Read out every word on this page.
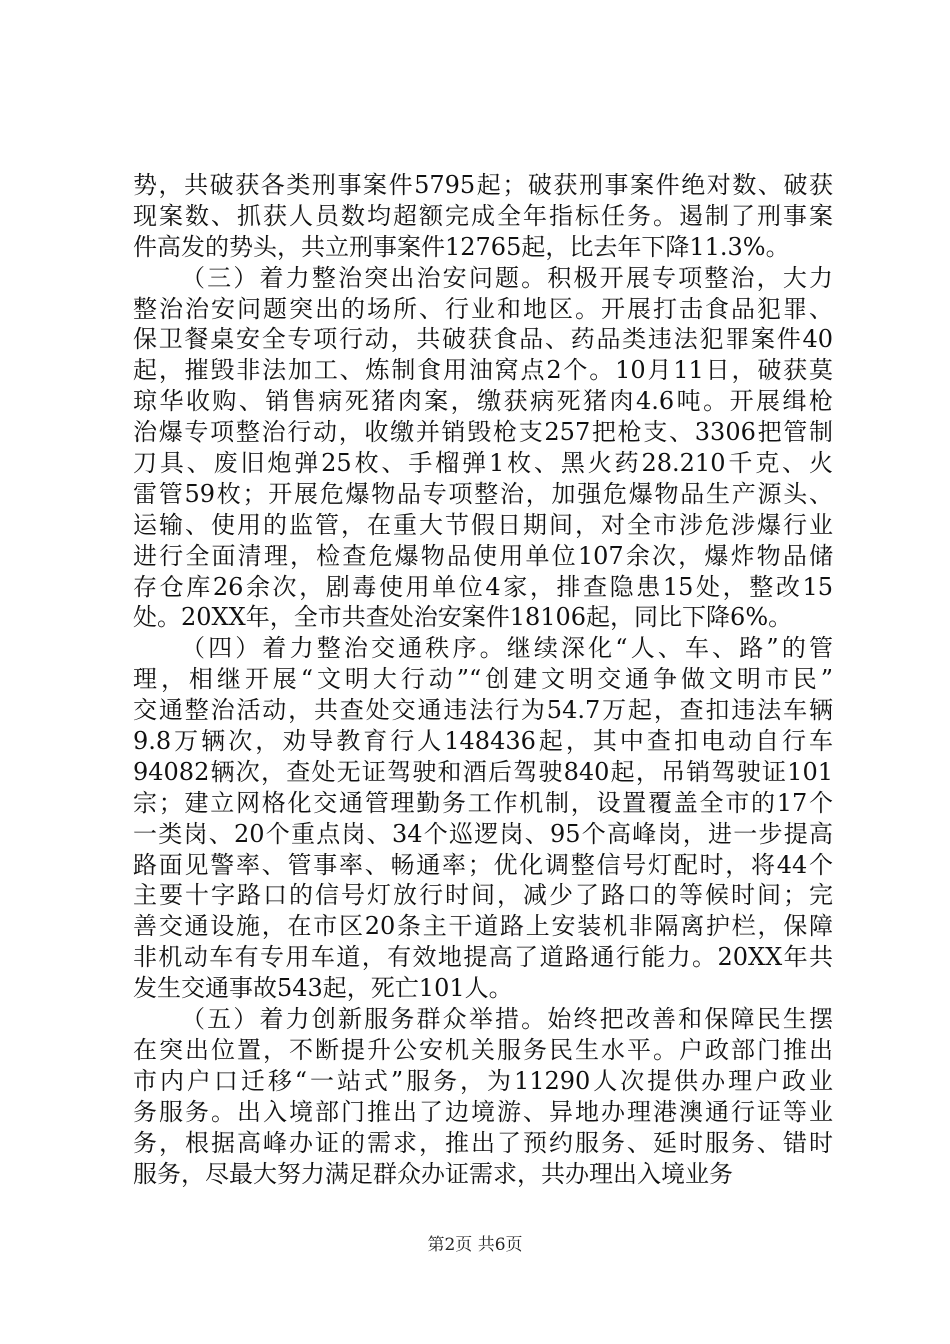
势，共破获各类刑事案件5795起；破获刑事案件绝对数、破获
现案数、抓获人员数均超额完成全年指标任务。遏制了刑事案
件高发的势头，共立刑事案件12765起，比去年下降11.3%。
（三）着力整治突出治安问题。积极开展专项整治，大力
整治治安问题突出的场所、行业和地区。开展打击食品犯罪、
保卫餐桌安全专项行动，共破获食品、药品类违法犯罪案件40
起，摧毁非法加工、炼制食用油窝点2个。10月11日，破获莫
琼华收购、销售病死猪肉案，缴获病死猪肉4.6吨。开展缉枪
治爆专项整治行动，收缴并销毁枪支257把枪支、3306把管制
刀具、废旧炮弹25枚、手榴弹1枚、黑火药28.210千克、火
雷管59枚；开展危爆物品专项整治，加强危爆物品生产源头、
运输、使用的监管，在重大节假日期间，对全市涉危涉爆行业
进行全面清理，检查危爆物品使用单位107余次，爆炸物品储
存仓库26余次，剧毒使用单位4家，排查隐患15处，整改15
处。20XX年，全市共查处治安案件18106起，同比下降6%。
（四）着力整治交通秩序。继续深化“人、车、路”的管
理，相继开展“文明大行动”“创建文明交通争做文明市民”
交通整治活动，共查处交通违法行为54.7万起，查扣违法车辆
9.8万辆次，劝导教育行人148436起，其中查扣电动自行车
94082辆次，查处无证驾驶和酒后驾驶840起，吊销驾驶证101
宗；建立网格化交通管理勤务工作机制，设置覆盖全市的17个
一类岗、20个重点岗、34个巡逻岗、95个高峰岗，进一步提高
路面见警率、管事率、畅通率；优化调整信号灯配时，将44个
主要十字路口的信号灯放行时间，减少了路口的等候时间；完
善交通设施，在市区20条主干道路上安装机非隔离护栏，保障
非机动车有专用车道，有效地提高了道路通行能力。20XX年共
发生交通事故543起，死亡101人。
（五）着力创新服务群众举措。始终把改善和保障民生摆
在突出位置，不断提升公安机关服务民生水平。户政部门推出
市内户口迁移“一站式”服务，为11290人次提供办理户政业
务服务。出入境部门推出了边境游、异地办理港澳通行证等业
务，根据高峰办证的需求，推出了预约服务、延时服务、错时
服务，尽最大努力满足群众办证需求，共办理出入境业务
第2页 共6页
